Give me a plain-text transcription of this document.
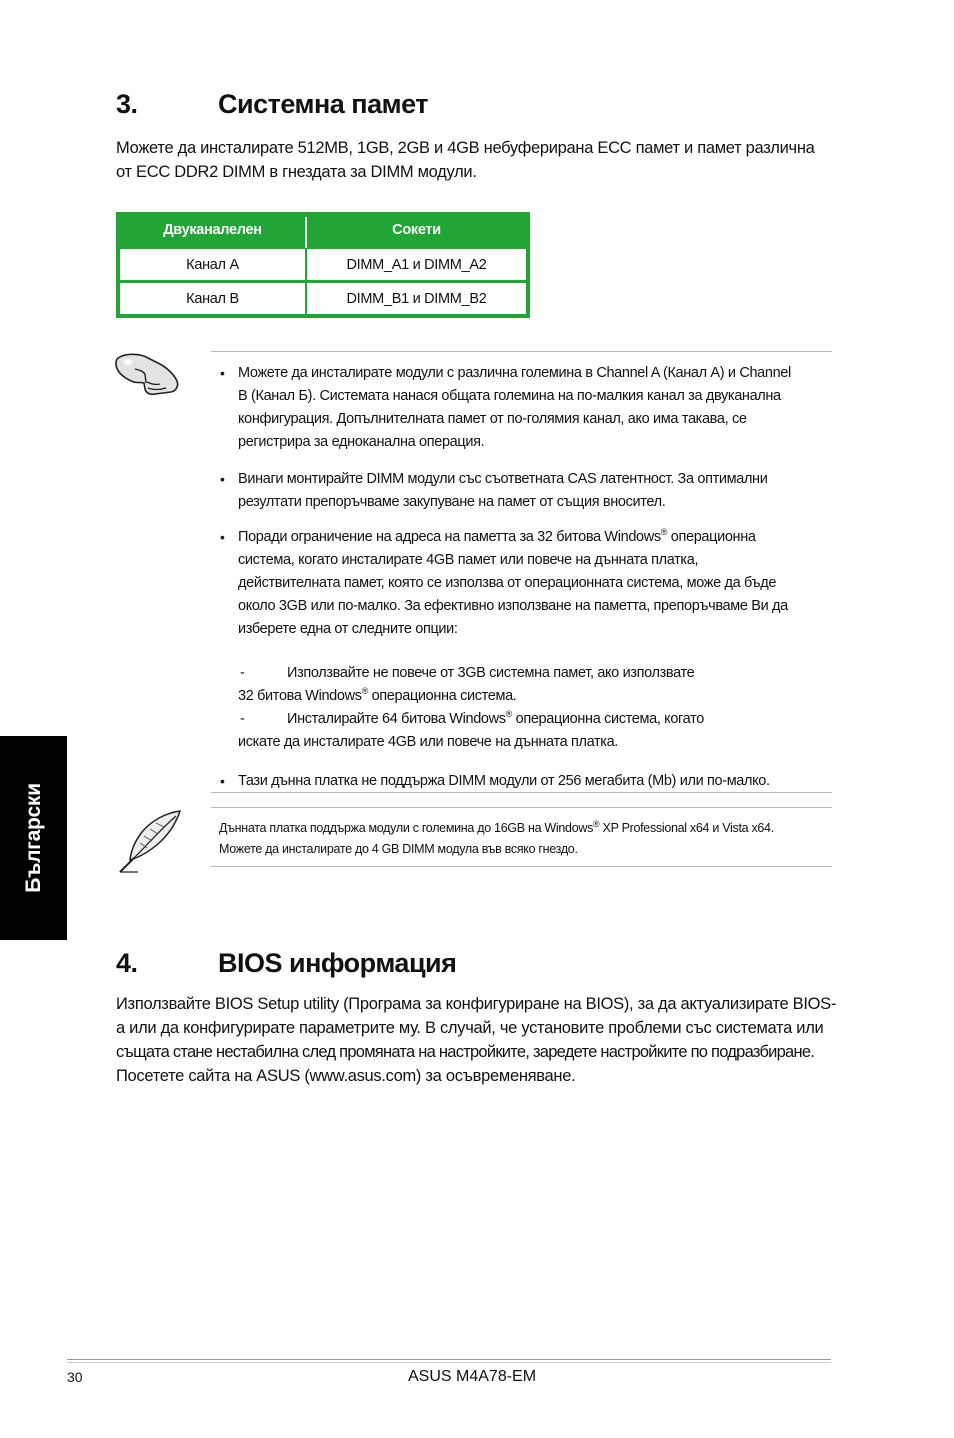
3.	Системна памет
Можете да инсталирате 512MB, 1GB, 2GB и 4GB небуферирана ECC памет и памет различна
от ECC DDR2 DIMM в гнездата за DIMM модули.
Двуканалелен	Сокети
Канал A	DIMM_A1 и DIMM_A2
Канал B	DIMM_B1 и DIMM_B2
• Можете да инсталирате модули с различна големина в Channel A (Канал A) и Channel
B (Канал Б). Системата нанася общата големина на по-малкия канал за двуканална
конфигурация. Допълнителната памет от по-голямия канал, ако има такава, се
регистрира за едноканална операция.
• Винаги монтирайте DIMM модули със съответната CAS латентност. За оптимални
резултати препоръчваме закупуване на памет от същия вносител.
• Поради ограничение на адреса на паметта за 32 битова Windows® операционна
система, когато инсталирате 4GB памет или повече на дънната платка,
действителната памет, която се използва от операционната система, може да бъде
около 3GB или по-малко. За ефективно използване на паметта, препоръчваме Ви да
изберете една от следните опции:
-	Използвайте не повече от 3GB системна памет, ако използвате
32 битова Windows® операционна система.
-	Инсталирайте 64 битова Windows® операционна система, когато
искате да инсталирате 4GB или повече на дънната платка.
• Тази дънна платка не поддържа DIMM модули от 256 мегабита (Mb) или по-малко.
Дънната платка поддържа модули с големина до 16GB на Windows® XP Professional x64 и Vista x64.
Можете да инсталирате до 4 GB DIMM модула във всяко гнездо.
Български
4.	BIOS информация
Използвайте BIOS Setup utility (Програма за конфигуриране на BIOS), за да актуализирате BIOS-
а или да конфигурирате параметрите му. В случай, че установите проблеми със системата или
същата стане нестабилна след промяната на настройките, заредете настройките по подразбиране.
Посетете сайта на ASUS (www.asus.com) за осъвременяване.
30	ASUS M4A78-EM
